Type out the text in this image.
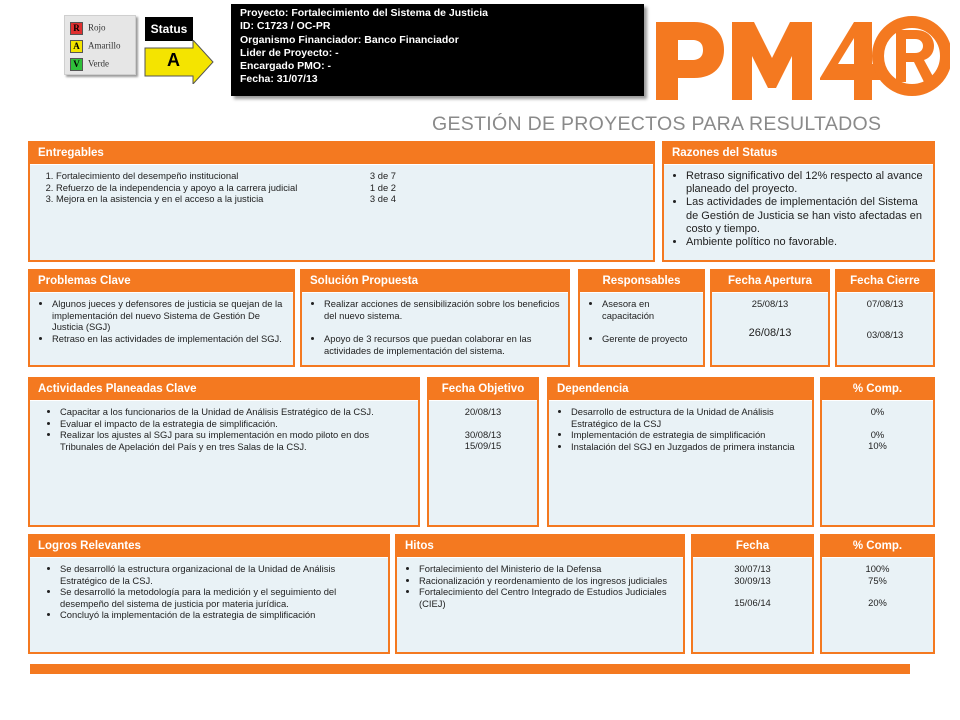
R Rojo
A Amarillo
V Verde
Status
A
Proyecto: Fortalecimiento del Sistema de Justicia
ID: C1723 / OC-PR
Organismo Financiador: Banco Financiador
Lider de Proyecto: -
Encargado PMO: -
Fecha: 31/07/13
GESTIÓN DE PROYECTOS PARA RESULTADOS
Entregables
1. Fortalecimiento del desempeño institucional	3 de 7
2. Refuerzo de la independencia y apoyo a la carrera judicial	1 de 2
3. Mejora en la asistencia y en el acceso a la justicia	3 de 4
Razones del Status
• Retraso significativo del 12% respecto al avance planeado del proyecto.
• Las actividades de implementación del Sistema de Gestión de Justicia se han visto afectadas en costo y tiempo.
• Ambiente político no favorable.
Problemas Clave
• Algunos jueces y defensores de justicia se quejan de la implementación del nuevo Sistema de Gestión De Justicia (SGJ)
• Retraso en las actividades de implementación del SGJ.
Solución Propuesta
• Realizar acciones de sensibilización sobre los beneficios del nuevo sistema.
• Apoyo de 3 recursos que puedan colaborar en las actividades de implementación del sistema.
Responsables
• Asesora en capacitación
• Gerente de proyecto
Fecha Apertura
25/08/13
26/08/13
Fecha Cierre
07/08/13
03/08/13
Actividades Planeadas Clave
• Capacitar a los funcionarios de la Unidad de Análisis Estratégico de la CSJ.
• Evaluar el impacto de la estrategia de simplificación.
• Realizar los ajustes al SGJ para su implementación en modo piloto en dos Tribunales de Apelación del País y en tres Salas de la CSJ.
Fecha Objetivo
20/08/13
30/08/13
15/09/15
Dependencia
• Desarrollo de estructura de la Unidad de Análisis Estratégico de la CSJ
• Implementación de estrategia de simplificación
• Instalación del SGJ en Juzgados de primera instancia
% Comp.
0%
0%
10%
Logros Relevantes
• Se desarrolló la estructura organizacional de la Unidad de Análisis Estratégico de la CSJ.
• Se desarrolló la metodología para la medición y el seguimiento del desempeño del sistema de justicia por materia jurídica.
• Concluyó la implementación de la estrategia de simplificación
Hitos
• Fortalecimiento del Ministerio de la Defensa
• Racionalización y reordenamiento de los ingresos judiciales
• Fortalecimiento del Centro Integrado de Estudios Judiciales (CIEJ)
Fecha
30/07/13
30/09/13
15/06/14
% Comp.
100%
75%
20%
